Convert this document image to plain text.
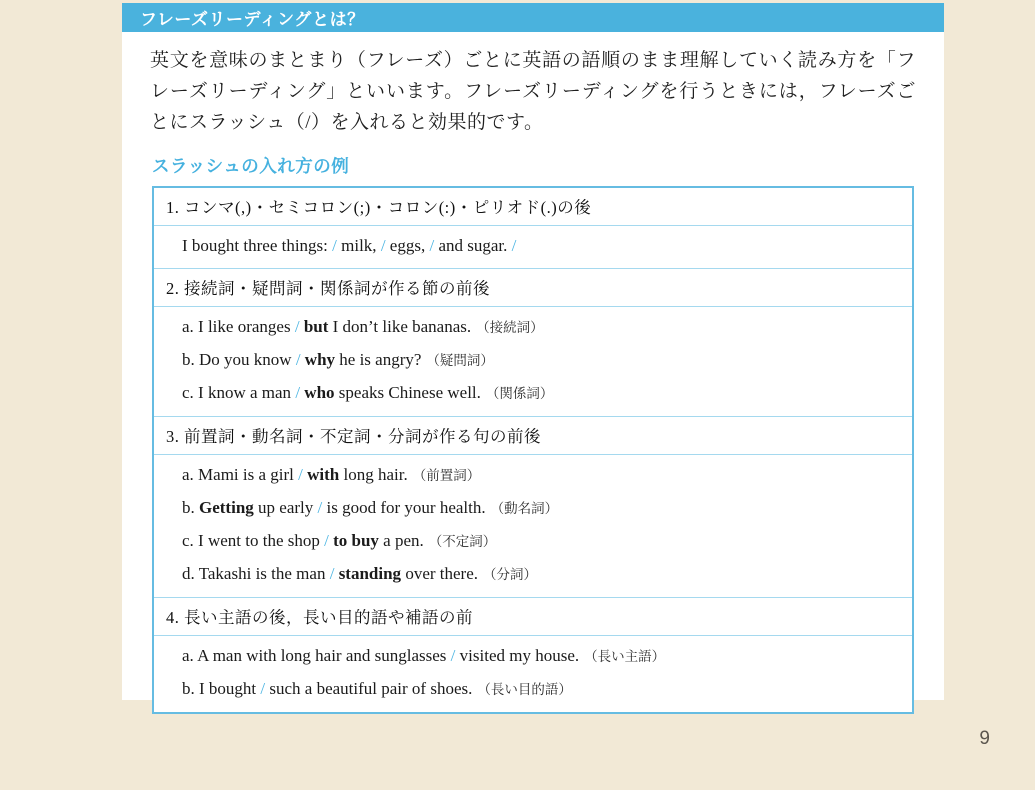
フレーズリーディングとは？

英文を意味のまとまり（フレーズ）ごとに英語の語順のまま理解していく読み方を「フレーズリーディング」といいます。フレーズリーディングを行うときには，フレーズごとにスラッシュ（/）を入れると効果的です。

スラッシュの入れ方の例
1. コンマ(,)・セミコロン(;)・コロン(:)・ピリオド(.)の後
I bought three things: / milk, / eggs, / and sugar. /
2. 接続詞・疑問詞・関係詞が作る節の前後
a. I like oranges / but I don’t like bananas. （接続詞）
b. Do you know / why he is angry? （疑問詞）
c. I know a man / who speaks Chinese well. （関係詞）
3. 前置詞・動名詞・不定詞・分詞が作る句の前後
a. Mami is a girl / with long hair. （前置詞）
b. Getting up early / is good for your health. （動名詞）
c. I went to the shop / to buy a pen. （不定詞）
d. Takashi is the man / standing over there. （分詞）
4. 長い主語の後，長い目的語や補語の前
a. A man with long hair and sunglasses / visited my house. （長い主語）
b. I bought / such a beautiful pair of shoes. （長い目的語）
9
